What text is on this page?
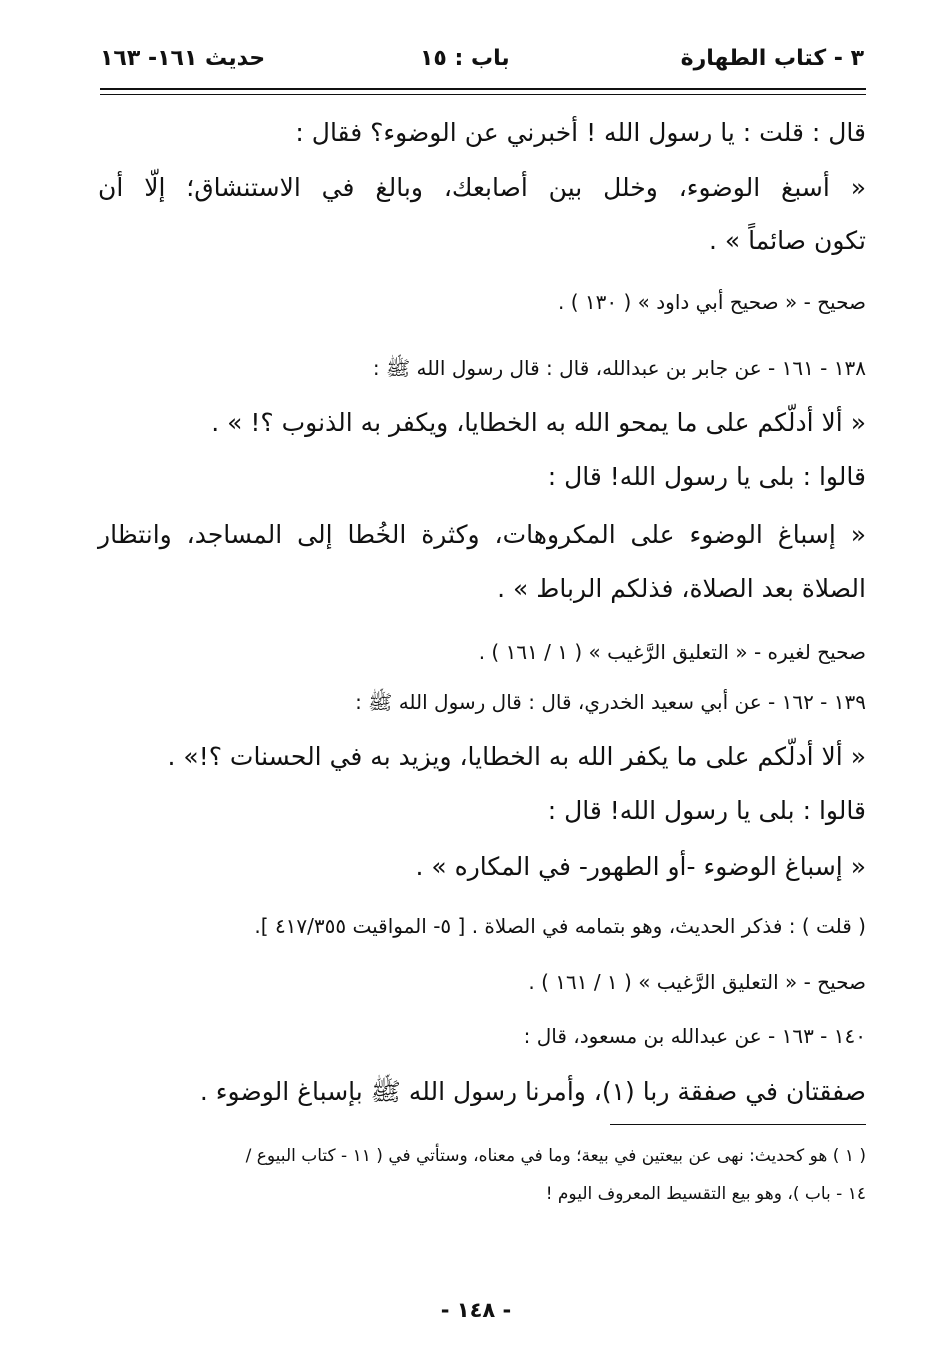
٣ - كتاب الطهارة
باب : ١٥
حديث ١٦١- ١٦٣
قال : قلت : يا رسول الله ! أخبرني عن الوضوء؟ فقال :
« أسبغ الوضوء، وخلل بين أصابعك، وبالغ في الاستنشاق؛ إلّا أن
تكون صائماً » .
صحيح - « صحيح أبي داود » ( ١٣٠ ) .
١٣٨ - ١٦١ - عن جابر بن عبدالله، قال : قال رسول الله ﷺ :
« ألا أدلّكم على ما يمحو الله به الخطايا، ويكفر به الذنوب ؟! » .
قالوا : بلى يا رسول الله! قال :
« إسباغ الوضوء على المكروهات، وكثرة الخُطا إلى المساجد، وانتظار
الصلاة بعد الصلاة، فذلكم الرباط » .
صحيح لغيره - « التعليق الرَّغيب » ( ١ / ١٦١ ) .
١٣٩ - ١٦٢ - عن أبي سعيد الخدري، قال : قال رسول الله ﷺ :
« ألا أدلّكم على ما يكفر الله به الخطايا، ويزيد به في الحسنات ؟!» .
قالوا : بلى يا رسول الله! قال :
« إسباغ الوضوء -أو الطهور- في المكاره » .
( قلت ) : فذكر الحديث، وهو بتمامه في الصلاة . [ ٥- المواقيت ٤١٧/٣٥٥ ].
صحيح - « التعليق الرَّغيب » ( ١ / ١٦١ ) .
١٤٠ - ١٦٣ - عن عبدالله بن مسعود، قال :
صفقتان في صفقة ربا (١)، وأمرنا رسول الله ﷺ بإسباغ الوضوء .
( ١ ) هو كحديث: نهى عن بيعتين في بيعة؛ وما في معناه، وستأتي في ( ١١ - كتاب البيوع /
١٤ - باب )، وهو بيع التقسيط المعروف اليوم !
- ١٤٨ -
